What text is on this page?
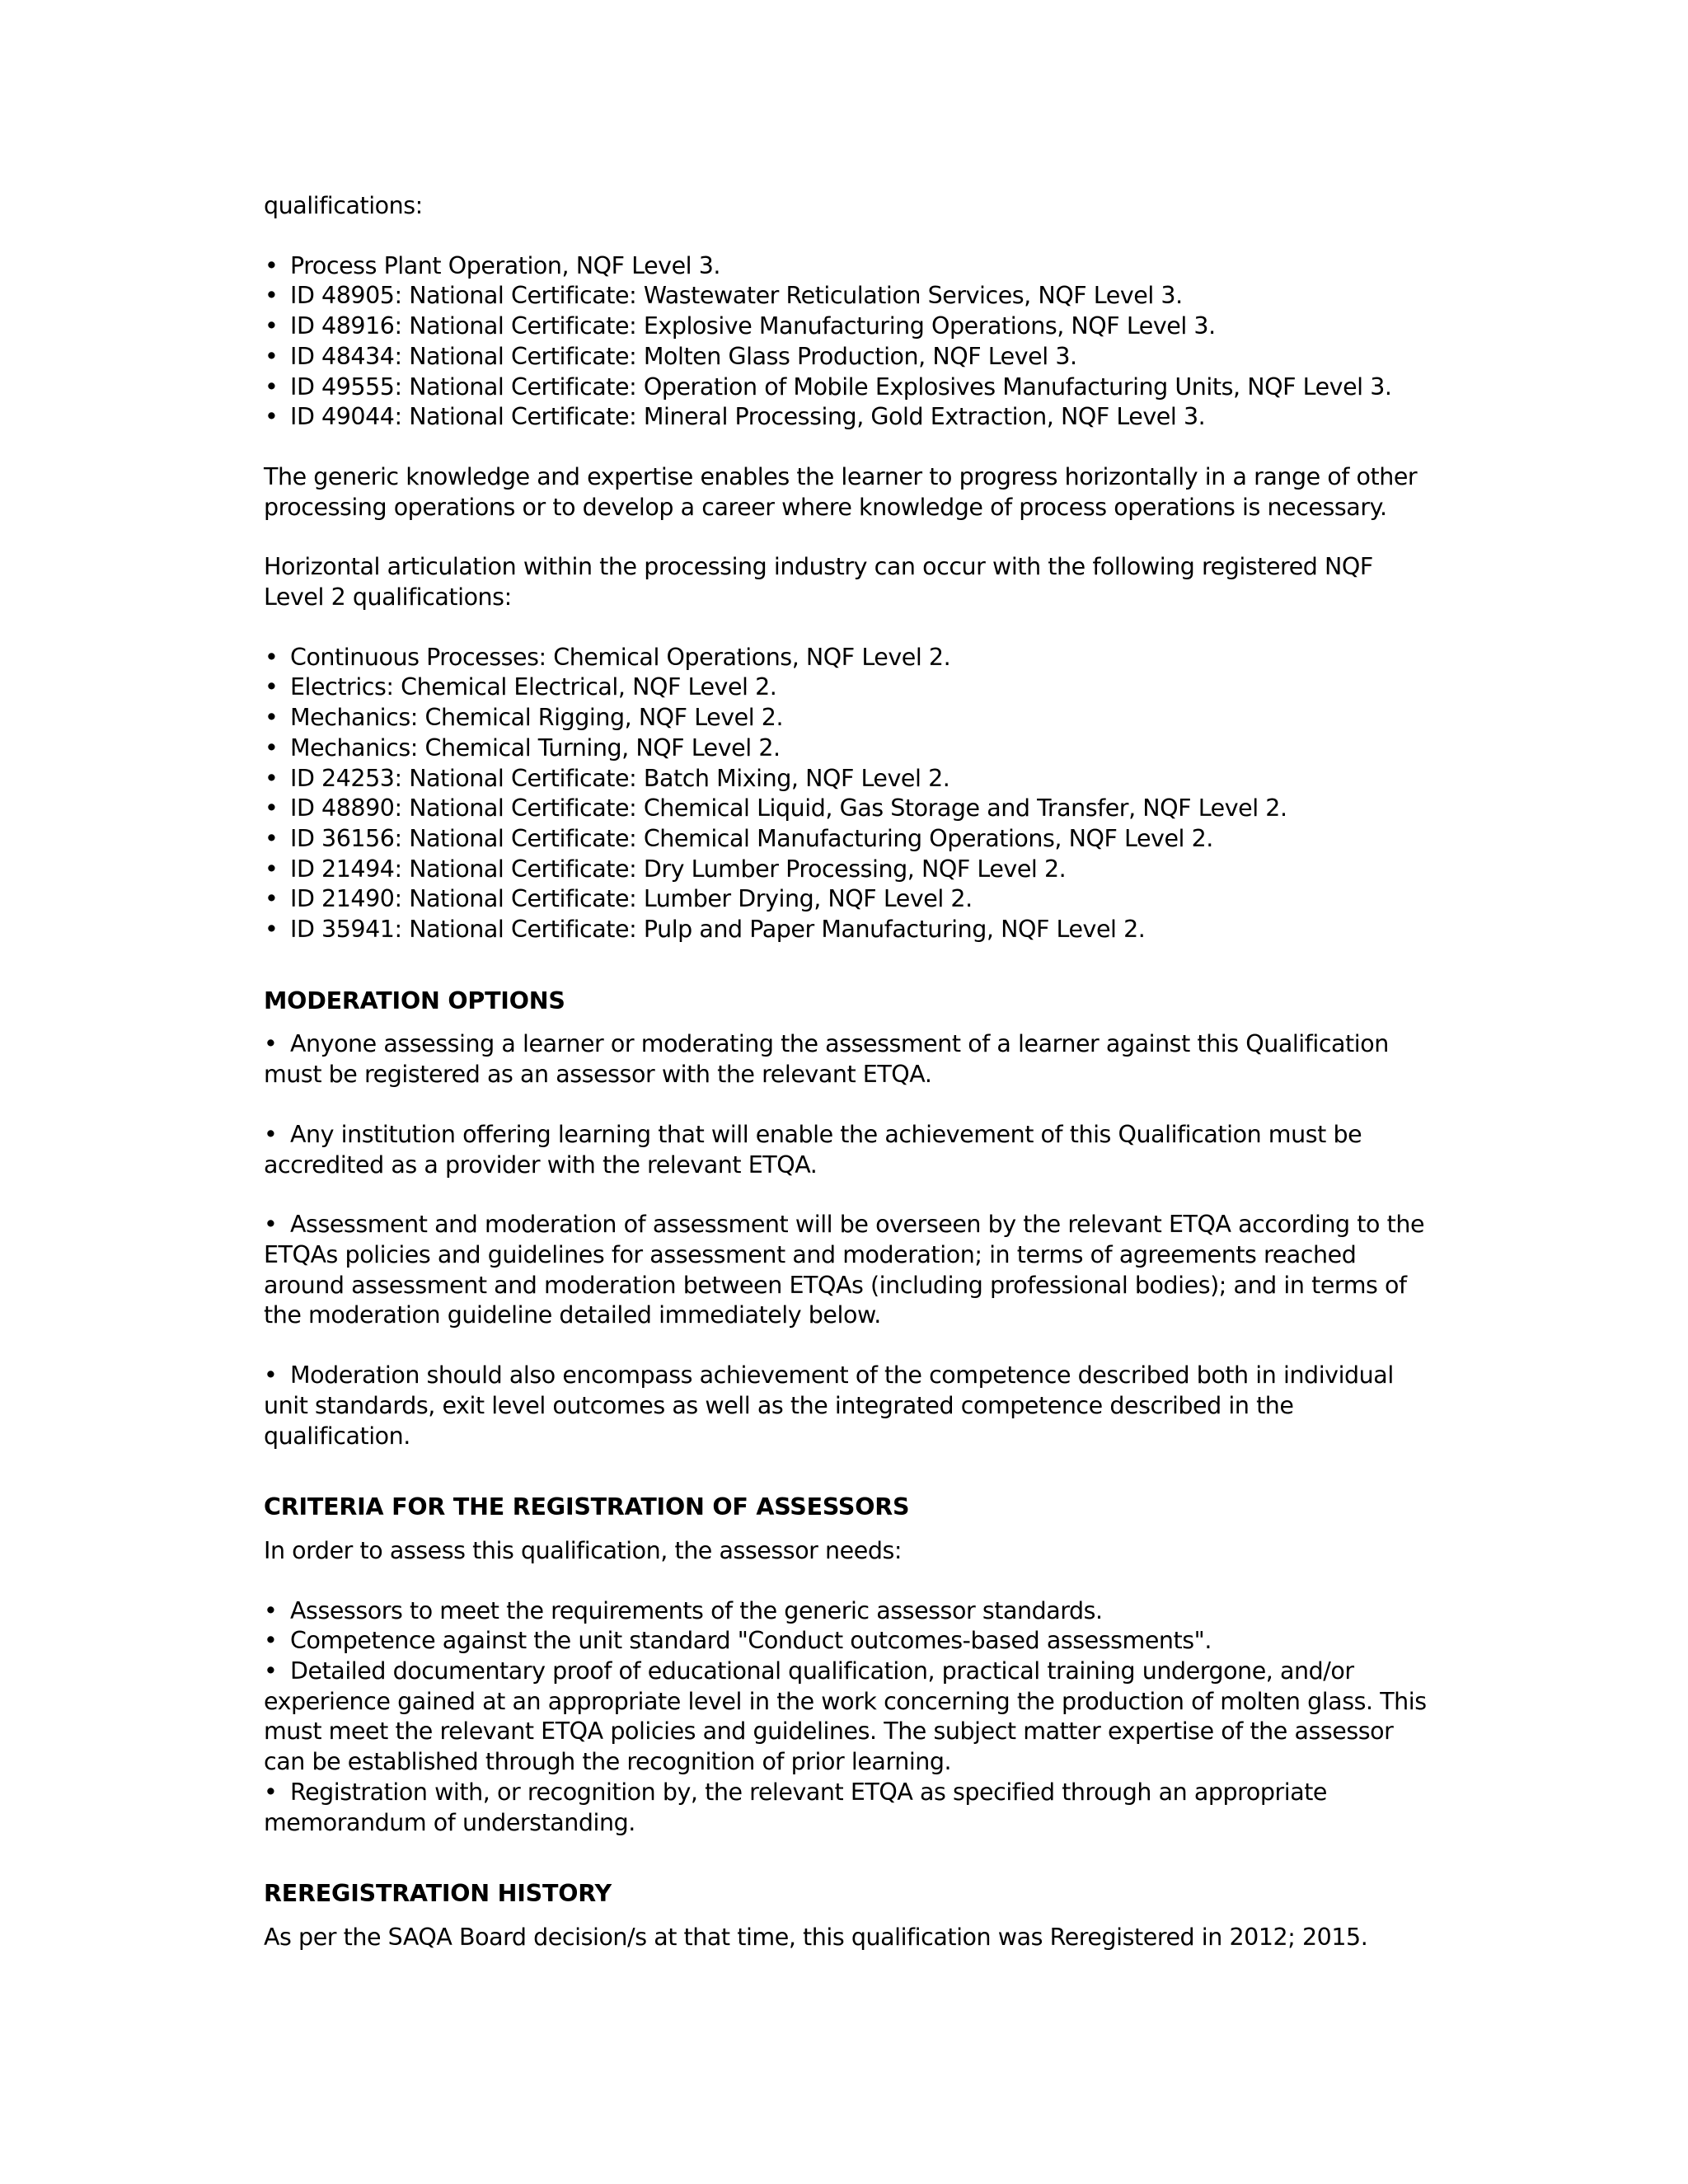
qualifications:

• Process Plant Operation, NQF Level 3.
• ID 48905: National Certificate: Wastewater Reticulation Services, NQF Level 3.
• ID 48916: National Certificate: Explosive Manufacturing Operations, NQF Level 3.
• ID 48434: National Certificate: Molten Glass Production, NQF Level 3.
• ID 49555: National Certificate: Operation of Mobile Explosives Manufacturing Units, NQF Level 3.
• ID 49044: National Certificate: Mineral Processing, Gold Extraction, NQF Level 3.

The generic knowledge and expertise enables the learner to progress horizontally in a range of other processing operations or to develop a career where knowledge of process operations is necessary.

Horizontal articulation within the processing industry can occur with the following registered NQF Level 2 qualifications:

• Continuous Processes: Chemical Operations, NQF Level 2.
• Electrics: Chemical Electrical, NQF Level 2.
• Mechanics: Chemical Rigging, NQF Level 2.
• Mechanics: Chemical Turning, NQF Level 2.
• ID 24253: National Certificate: Batch Mixing, NQF Level 2.
• ID 48890: National Certificate: Chemical Liquid, Gas Storage and Transfer, NQF Level 2.
• ID 36156: National Certificate: Chemical Manufacturing Operations, NQF Level 2.
• ID 21494: National Certificate: Dry Lumber Processing, NQF Level 2.
• ID 21490: National Certificate: Lumber Drying, NQF Level 2.
• ID 35941: National Certificate: Pulp and Paper Manufacturing, NQF Level 2.

MODERATION OPTIONS

• Anyone assessing a learner or moderating the assessment of a learner against this Qualification must be registered as an assessor with the relevant ETQA.

• Any institution offering learning that will enable the achievement of this Qualification must be accredited as a provider with the relevant ETQA.

• Assessment and moderation of assessment will be overseen by the relevant ETQA according to the ETQAs policies and guidelines for assessment and moderation; in terms of agreements reached around assessment and moderation between ETQAs (including professional bodies); and in terms of the moderation guideline detailed immediately below.

• Moderation should also encompass achievement of the competence described both in individual unit standards, exit level outcomes as well as the integrated competence described in the qualification.

CRITERIA FOR THE REGISTRATION OF ASSESSORS

In order to assess this qualification, the assessor needs:

• Assessors to meet the requirements of the generic assessor standards.

• Competence against the unit standard "Conduct outcomes-based assessments".

• Detailed documentary proof of educational qualification, practical training undergone, and/or experience gained at an appropriate level in the work concerning the production of molten glass. This must meet the relevant ETQA policies and guidelines. The subject matter expertise of the assessor can be established through the recognition of prior learning.

• Registration with, or recognition by, the relevant ETQA as specified through an appropriate memorandum of understanding.

REREGISTRATION HISTORY

As per the SAQA Board decision/s at that time, this qualification was Reregistered in 2012; 2015.
